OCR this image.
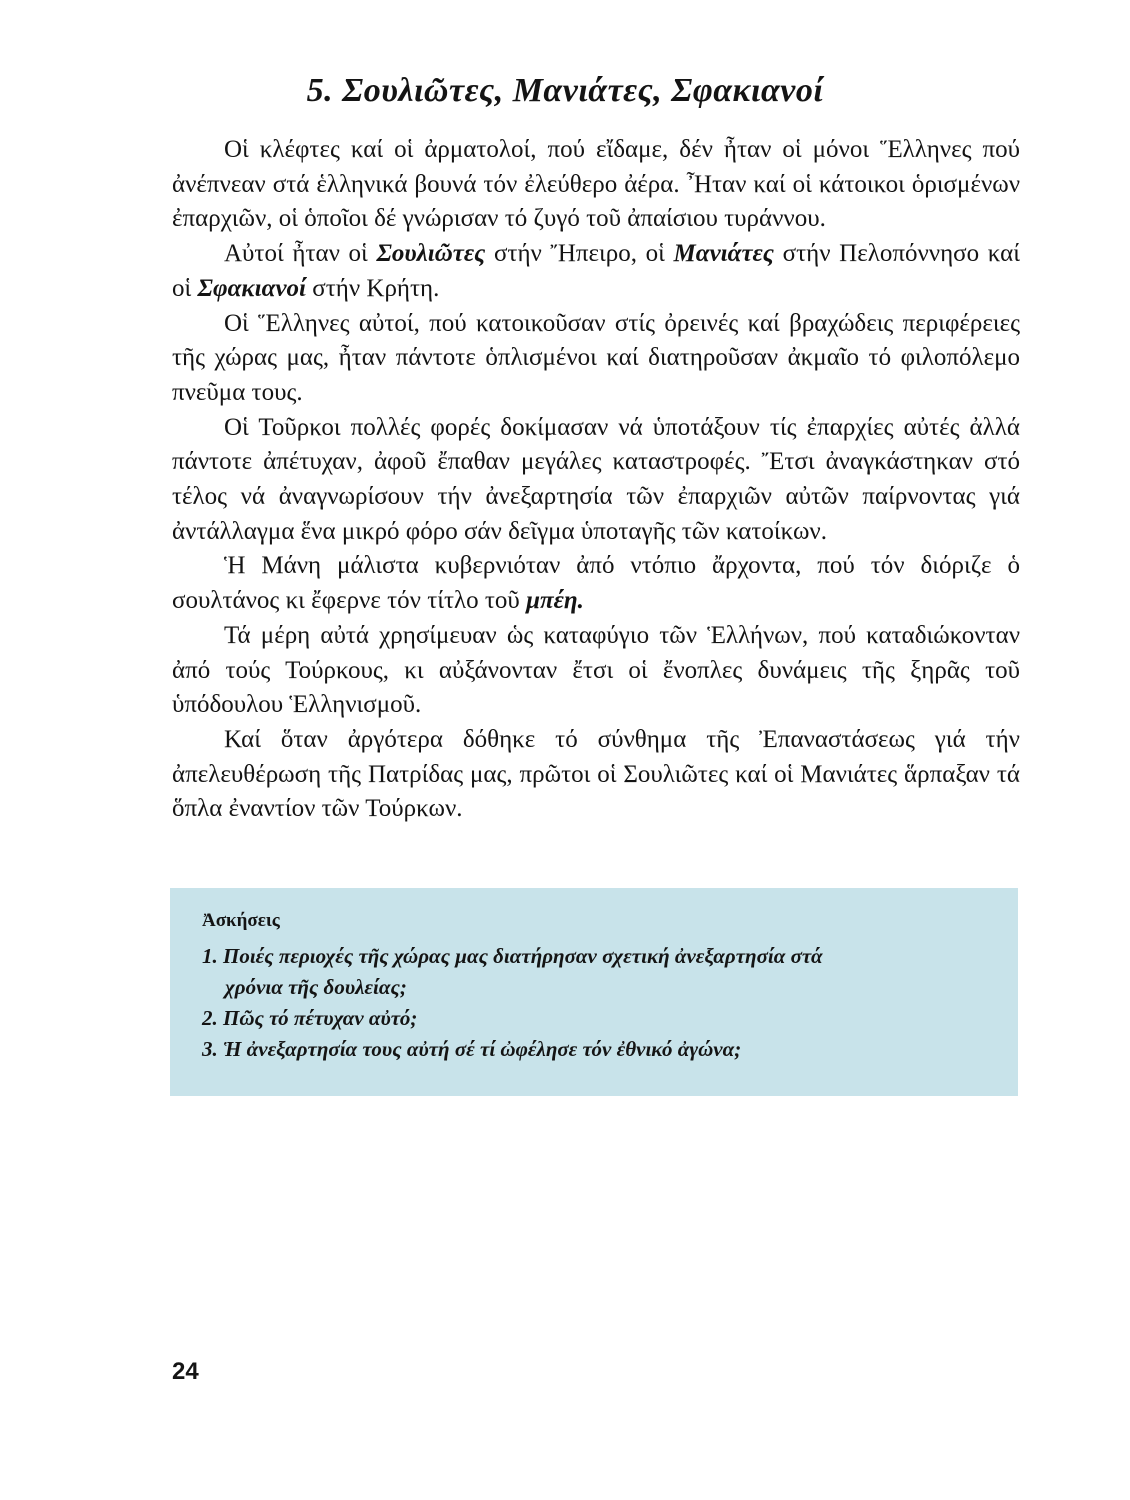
5. Σουλιῶτες, Μανιάτες, Σφακιανοί

Οἱ κλέφτες καί οἱ ἀρματολοί, πού εἴδαμε, δέν ἦταν οἱ μόνοι Ἕλληνες πού ἀνέπνεαν στά ἑλληνικά βουνά τόν ἐλεύθερο ἀέρα. Ἦταν καί οἱ κάτοικοι ὁρισμένων ἐπαρχιῶν, οἱ ὁποῖοι δέ γνώρισαν τό ζυγό τοῦ ἀπαίσιου τυράννου.

Αὐτοί ἦταν οἱ Σουλιῶτες στήν Ἤπειρο, οἱ Μανιάτες στήν Πελοπόννησο καί οἱ Σφακιανοί στήν Κρήτη.

Οἱ Ἕλληνες αὐτοί, πού κατοικοῦσαν στίς ὀρεινές καί βραχώδεις περιφέρειες τῆς χώρας μας, ἦταν πάντοτε ὁπλισμένοι καί διατηροῦσαν ἀκμαῖο τό φιλοπόλεμο πνεῦμα τους.

Οἱ Τοῦρκοι πολλές φορές δοκίμασαν νά ὑποτάξουν τίς ἐπαρχίες αὐτές ἀλλά πάντοτε ἀπέτυχαν, ἀφοῦ ἔπαθαν μεγάλες καταστροφές. Ἔτσι ἀναγκάστηκαν στό τέλος νά ἀναγνωρίσουν τήν ἀνεξαρτησία τῶν ἐπαρχιῶν αὐτῶν παίρνοντας γιά ἀντάλλαγμα ἕνα μικρό φόρο σάν δεῖγμα ὑποταγῆς τῶν κατοίκων.

Ἡ Μάνη μάλιστα κυβερνιόταν ἀπό ντόπιο ἄρχοντα, πού τόν διόριζε ὁ σουλτάνος κι ἔφερνε τόν τίτλο τοῦ μπέη.

Τά μέρη αὐτά χρησίμευαν ὡς καταφύγιο τῶν Ἑλλήνων, πού καταδιώκονταν ἀπό τούς Τούρκους, κι αὐξάνονταν ἔτσι οἱ ἔνοπλες δυνάμεις τῆς ξηρᾶς τοῦ ὑπόδουλου Ἑλληνισμοῦ.

Καί ὅταν ἀργότερα δόθηκε τό σύνθημα τῆς Ἐπαναστάσεως γιά τήν ἀπελευθέρωση τῆς Πατρίδας μας, πρῶτοι οἱ Σουλιῶτες καί οἱ Μανιάτες ἅρπαξαν τά ὅπλα ἐναντίον τῶν Τούρκων.

Ἀσκήσεις

1. Ποιές περιοχές τῆς χώρας μας διατήρησαν σχετική ἀνεξαρτησία στά
χρόνια τῆς δουλείας;

2. Πῶς τό πέτυχαν αὐτό;

3. Ἡ ἀνεξαρτησία τους αὐτή σέ τί ὠφέλησε τόν ἐθνικό ἀγώνα;

24
